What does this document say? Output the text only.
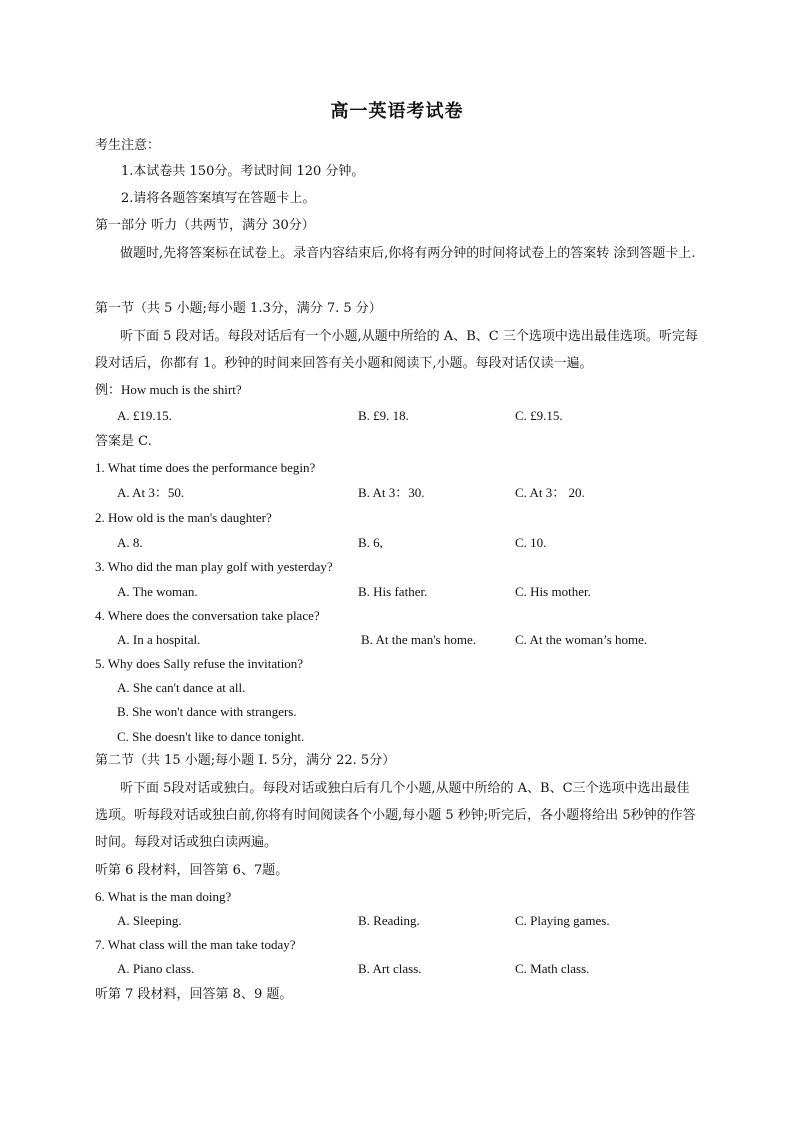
高一英语考试卷
考生注意：
1.本试卷共 150分。考试时间 120 分钟。
2.请将各题答案填写在答题卡上。
第一部分 听力（共两节，满分 30分）
做题时,先将答案标在试卷上。录音内容结束后,你将有两分钟的时间将试卷上的答案转 涂到答题卡上.
第一节（共 5 小题;每小题 1.3分，满分 7. 5 分）
听下面 5 段对话。每段对话后有一个小题,从题中所给的 A、B、C 三个选项中选出最佳选项。听完每段对话后，你都有 1。秒钟的时间来回答有关小题和阅读下,小题。每段对话仅读一遍。
例：How much is the shirt?
A. £19.15.	B. £9. 18.	C. £9.15.
答案是 C.
1. What time does the performance begin?
A. At 3：50.	B. At 3：30.	C. At 3： 20.
2. How old is the man's daughter?
A. 8.	B. 6,	C. 10.
3. Who did the man play golf with yesterday?
A. The woman.	B. His father.	C. His mother.
4. Where does the conversation take place?
A. In a hospital.	B. At the man's home.	C. At the woman’s home.
5. Why does Sally refuse the invitation?
A. She can't dance at all.
B. She won't dance with strangers.
C. She doesn't like to dance tonight.
第二节（共 15 小题;每小题 I. 5分，满分 22. 5分）
听下面 5段对话或独白。每段对话或独白后有几个小题,从题中所给的 A、B、C三个选项中选出最佳选项。听每段对话或独白前,你将有时间阅读各个小题,每小题 5 秒钟;听完后，各小题将给出 5秒钟的作答时间。每段对话或独白读两遍。
听第 6 段材料，回答第 6、7题。
6. What is the man doing?
A. Sleeping.	B. Reading.	C. Playing games.
7. What class will the man take today?
A. Piano class.	B. Art class.	C. Math class.
听第 7 段材料，回答第 8、9 题。
